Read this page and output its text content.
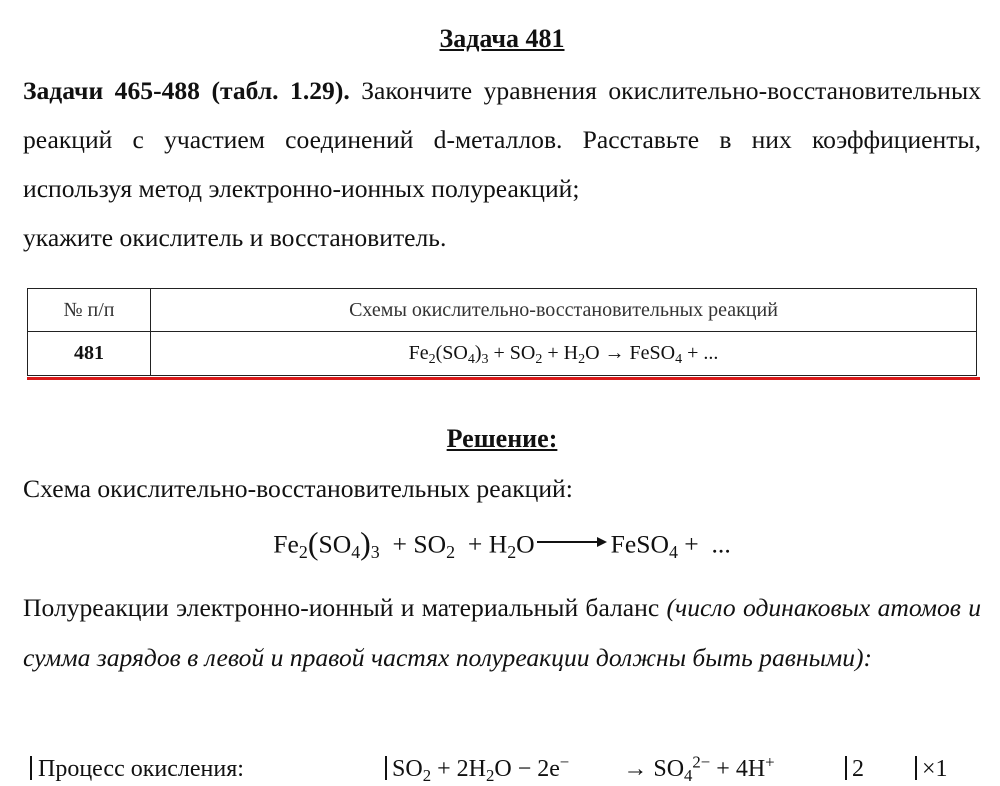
Задача 481
Задачи 465-488 (табл. 1.29). Закончите уравнения окислительно-восстановительных реакций с участием соединений d-металлов. Расставьте в них коэффициенты, используя метод электронно-ионных полуреакций;
укажите окислитель и восстановитель.
№ п/п	Схемы окислительно-восстановительных реакций
481	$Fe_2(SO_4)_3 + SO_2 + H_2O$ → FeSO$_4$ + ...
Решение:
Схема окислительно-восстановительных реакций:
$Fe_2(SO_4)_3 + SO_2 + H_2O$	FeSO$_4$ +  ...
Полуреакции электронно-ионный и материальный баланс (число одинаковых атомов и сумма зарядов в левой и правой частях полуреакции должны быть равными):
Процесс окисления:	$SO_2 + 2H_2O - 2e^-$         → $SO_4^{2-} + 4H^+$	2 ×1
